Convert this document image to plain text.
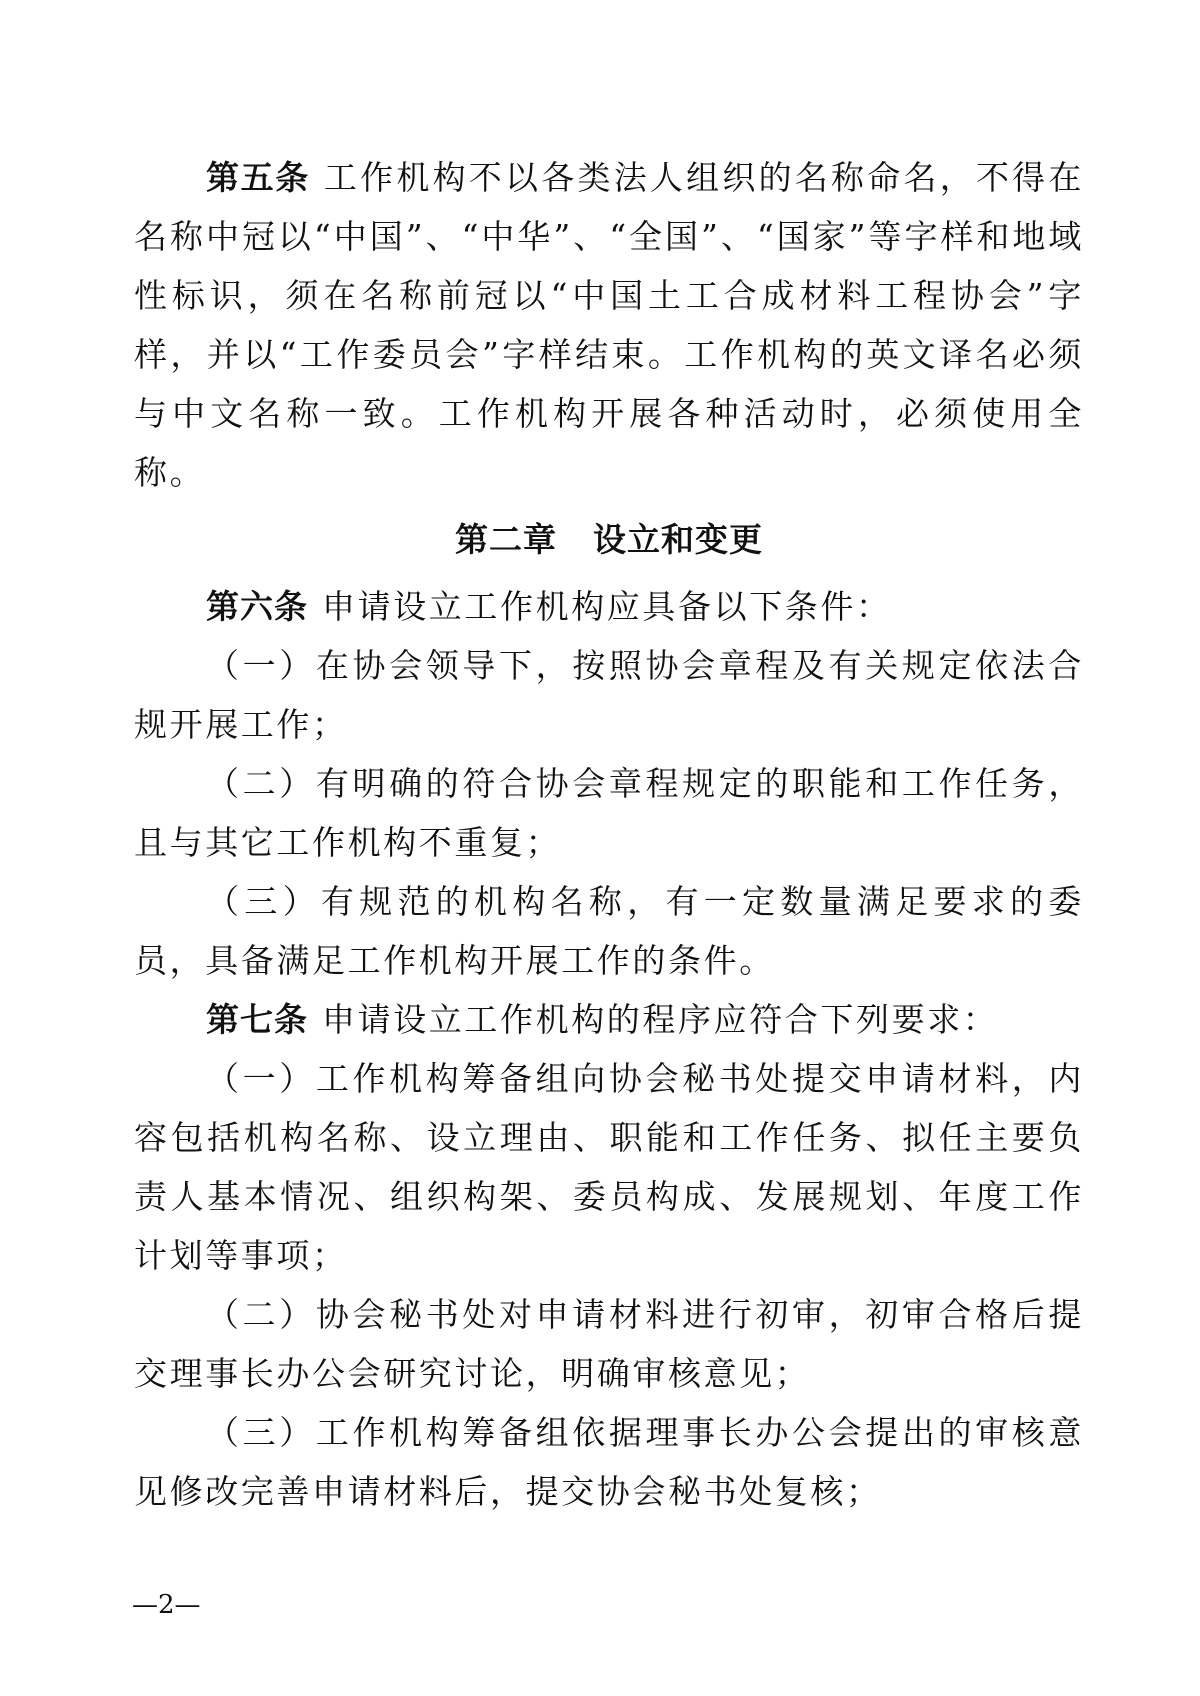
第五条 工作机构不以各类法人组织的名称命名，不得在名称中冠以“中国”、“中华”、“全国”、“国家”等字样和地域性标识，须在名称前冠以“中国土工合成材料工程协会”字样，并以“工作委员会”字样结束。工作机构的英文译名必须与中文名称一致。工作机构开展各种活动时，必须使用全称。

第二章 设立和变更

第六条 申请设立工作机构应具备以下条件：

（一）在协会领导下，按照协会章程及有关规定依法合规开展工作；

（二）有明确的符合协会章程规定的职能和工作任务，且与其它工作机构不重复；

（三）有规范的机构名称，有一定数量满足要求的委员，具备满足工作机构开展工作的条件。

第七条 申请设立工作机构的程序应符合下列要求：

（一）工作机构筹备组向协会秘书处提交申请材料，内容包括机构名称、设立理由、职能和工作任务、拟任主要负责人基本情况、组织构架、委员构成、发展规划、年度工作计划等事项；

（二）协会秘书处对申请材料进行初审，初审合格后提交理事长办公会研究讨论，明确审核意见；

（三）工作机构筹备组依据理事长办公会提出的审核意见修改完善申请材料后，提交协会秘书处复核；

—2—
